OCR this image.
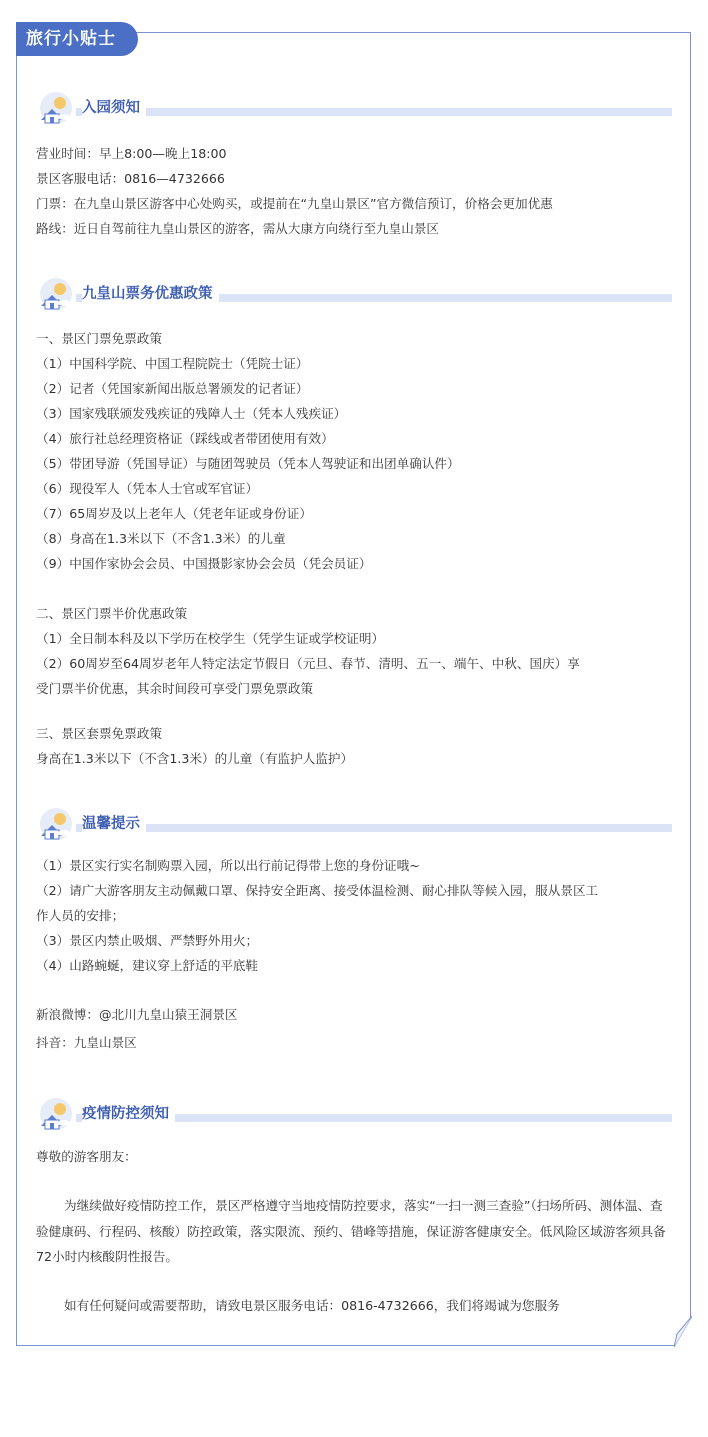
旅行小贴士
入园须知
营业时间：早上8:00—晚上18:00
景区客服电话：0816—4732666
门票：在九皇山景区游客中心处购买，或提前在“九皇山景区”官方微信预订，价格会更加优惠
路线：近日自驾前往九皇山景区的游客，需从大康方向绕行至九皇山景区
九皇山票务优惠政策
一、景区门票免票政策
（1）中国科学院、中国工程院院士（凭院士证）
（2）记者（凭国家新闻出版总署颁发的记者证）
（3）国家残联颁发残疾证的残障人士（凭本人残疾证）
（4）旅行社总经理资格证（踩线或者带团使用有效）
（5）带团导游（凭国导证）与随团驾驶员（凭本人驾驶证和出团单确认件）
（6）现役军人（凭本人士官或军官证）
（7）65周岁及以上老年人（凭老年证或身份证）
（8）身高在1.3米以下（不含1.3米）的儿童
（9）中国作家协会会员、中国摄影家协会会员（凭会员证）
二、景区门票半价优惠政策
（1）全日制本科及以下学历在校学生（凭学生证或学校证明）
（2）60周岁至64周岁老年人特定法定节假日（元旦、春节、清明、五一、端午、中秋、国庆）享
受门票半价优惠，其余时间段可享受门票免票政策
三、景区套票免票政策
身高在1.3米以下（不含1.3米）的儿童（有监护人监护）
温馨提示
（1）景区实行实名制购票入园，所以出行前记得带上您的身份证哦~
（2）请广大游客朋友主动佩戴口罩、保持安全距离、接受体温检测、耐心排队等候入园，服从景区工
作人员的安排；
（3）景区内禁止吸烟、严禁野外用火；
（4）山路蜿蜒，建议穿上舒适的平底鞋
新浪微博：@北川九皇山猿王洞景区
抖音：九皇山景区
疫情防控须知
尊敬的游客朋友：
为继续做好疫情防控工作，景区严格遵守当地疫情防控要求，落实“一扫一测三查验”（扫场所码、测体温、查验健康码、行程码、核酸）防控政策，落实限流、预约、错峰等措施，保证游客健康安全。低风险区域游客须具备72小时内核酸阴性报告。
如有任何疑问或需要帮助，请致电景区服务电话：0816-4732666，我们将竭诚为您服务
